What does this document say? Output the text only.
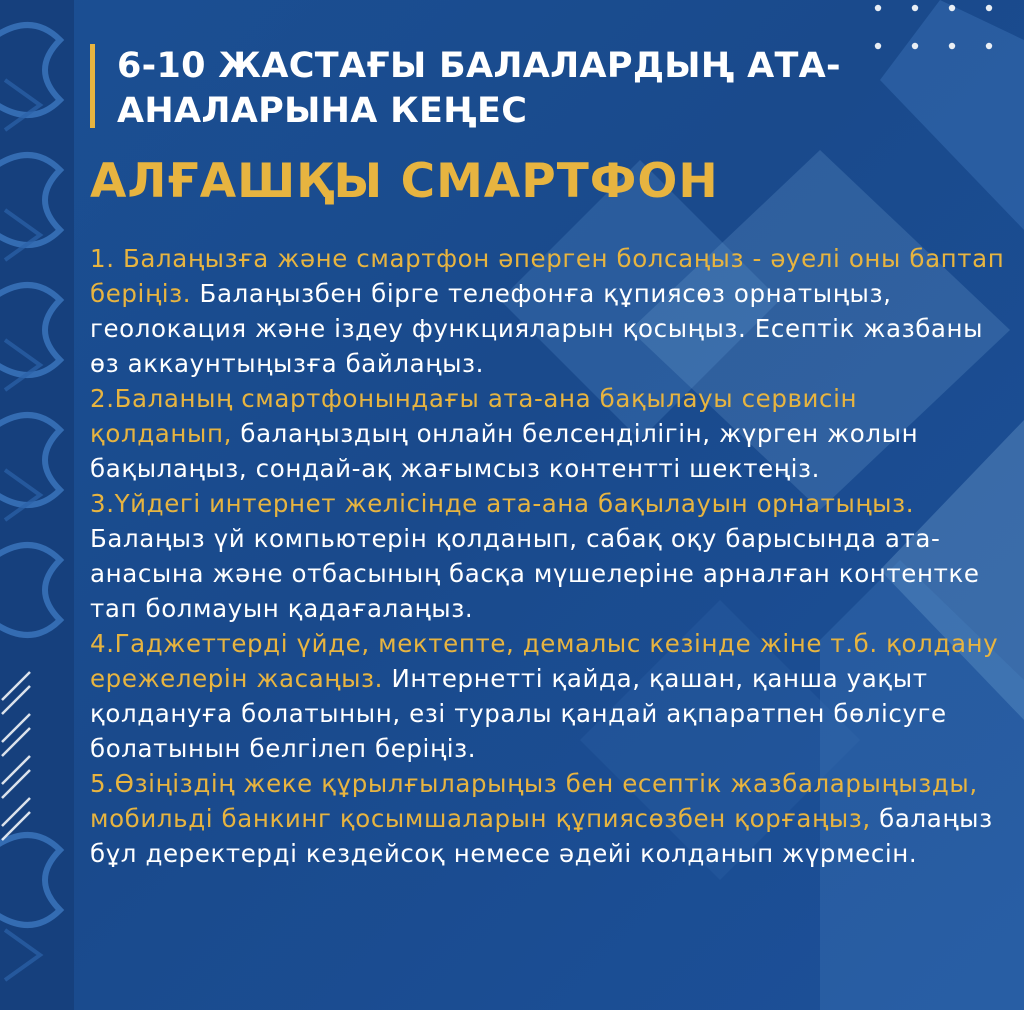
6-10 ЖАСТАҒЫ БАЛАЛАРДЫҢ АТА-
АНАЛАРЫНА КЕҢЕС
АЛҒАШҚЫ СМАРТФОН

1. Балаңызға және смартфон әперген болсаңыз - әуелі оны баптап беріңіз. Балаңызбен бірге телефонға құпиясөз орнатыңыз, геолокация және іздеу функцияларын қосыңыз. Есептік жазбаны өз аккаунтыңызға байлаңыз.

2.Баланың смартфонындағы ата-ана бақылауы сервисін қолданып, балаңыздың онлайн белсенділігін, жүрген жолын бақылаңыз, сондай-ақ жағымсыз контентті шектеңіз.

3.Үйдегі интернет желісінде ата-ана бақылауын орнатыңыз. Балаңыз үй компьютерін қолданып, сабақ оқу барысында ата-анасына және отбасының басқа мүшелеріне арналған контентке тап болмауын қадағалаңыз.

4.Гаджеттерді үйде, мектепте, демалыс кезінде жіне т.б. қолдану ережелерін жасаңыз. Интернетті қайда, қашан, қанша уақыт қолдануға болатынын, езі туралы қандай ақпаратпен бөлісуге болатынын белгілеп беріңіз.

5.Өзіңіздің жеке құрылғыларыңыз бен есептік жазбаларыңызды, мобильді банкинг қосымшаларын құпиясөзбен қорғаңыз, балаңыз бұл деректерді кездейсоқ немесе әдейі колданып жүрмесін.
